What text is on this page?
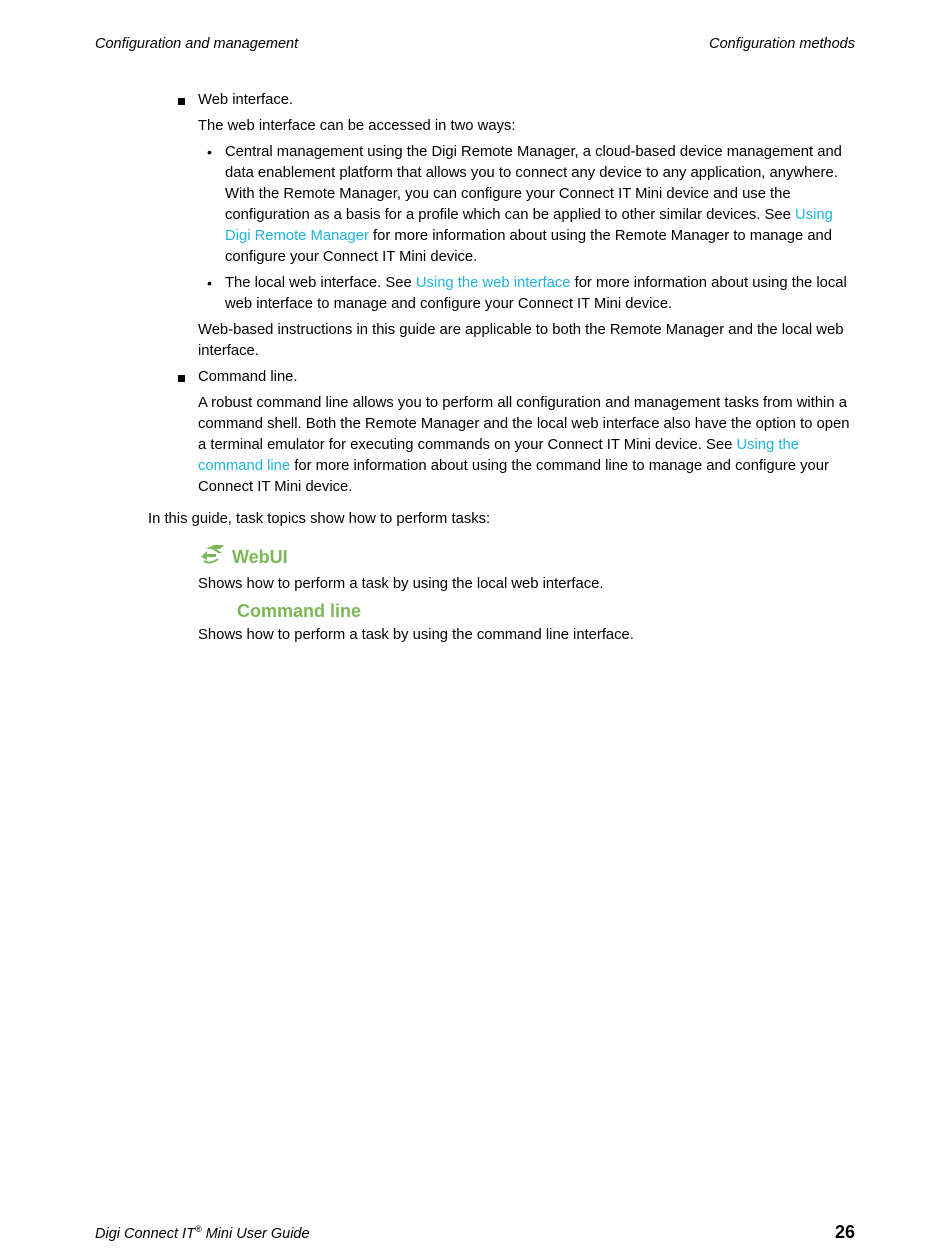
Configuration and management	Configuration methods
Web interface.
The web interface can be accessed in two ways:
• Central management using the Digi Remote Manager, a cloud-based device management and data enablement platform that allows you to connect any device to any application, anywhere. With the Remote Manager, you can configure your Connect IT Mini device and use the configuration as a basis for a profile which can be applied to other similar devices. See Using Digi Remote Manager for more information about using the Remote Manager to manage and configure your Connect IT Mini device.
• The local web interface. See Using the web interface for more information about using the local web interface to manage and configure your Connect IT Mini device.
Web-based instructions in this guide are applicable to both the Remote Manager and the local web interface.
Command line.
A robust command line allows you to perform all configuration and management tasks from within a command shell. Both the Remote Manager and the local web interface also have the option to open a terminal emulator for executing commands on your Connect IT Mini device. See Using the command line for more information about using the command line to manage and configure your Connect IT Mini device.
In this guide, task topics show how to perform tasks:
WebUI
Shows how to perform a task by using the local web interface.
Command line
Shows how to perform a task by using the command line interface.
Digi Connect IT® Mini User Guide	26
